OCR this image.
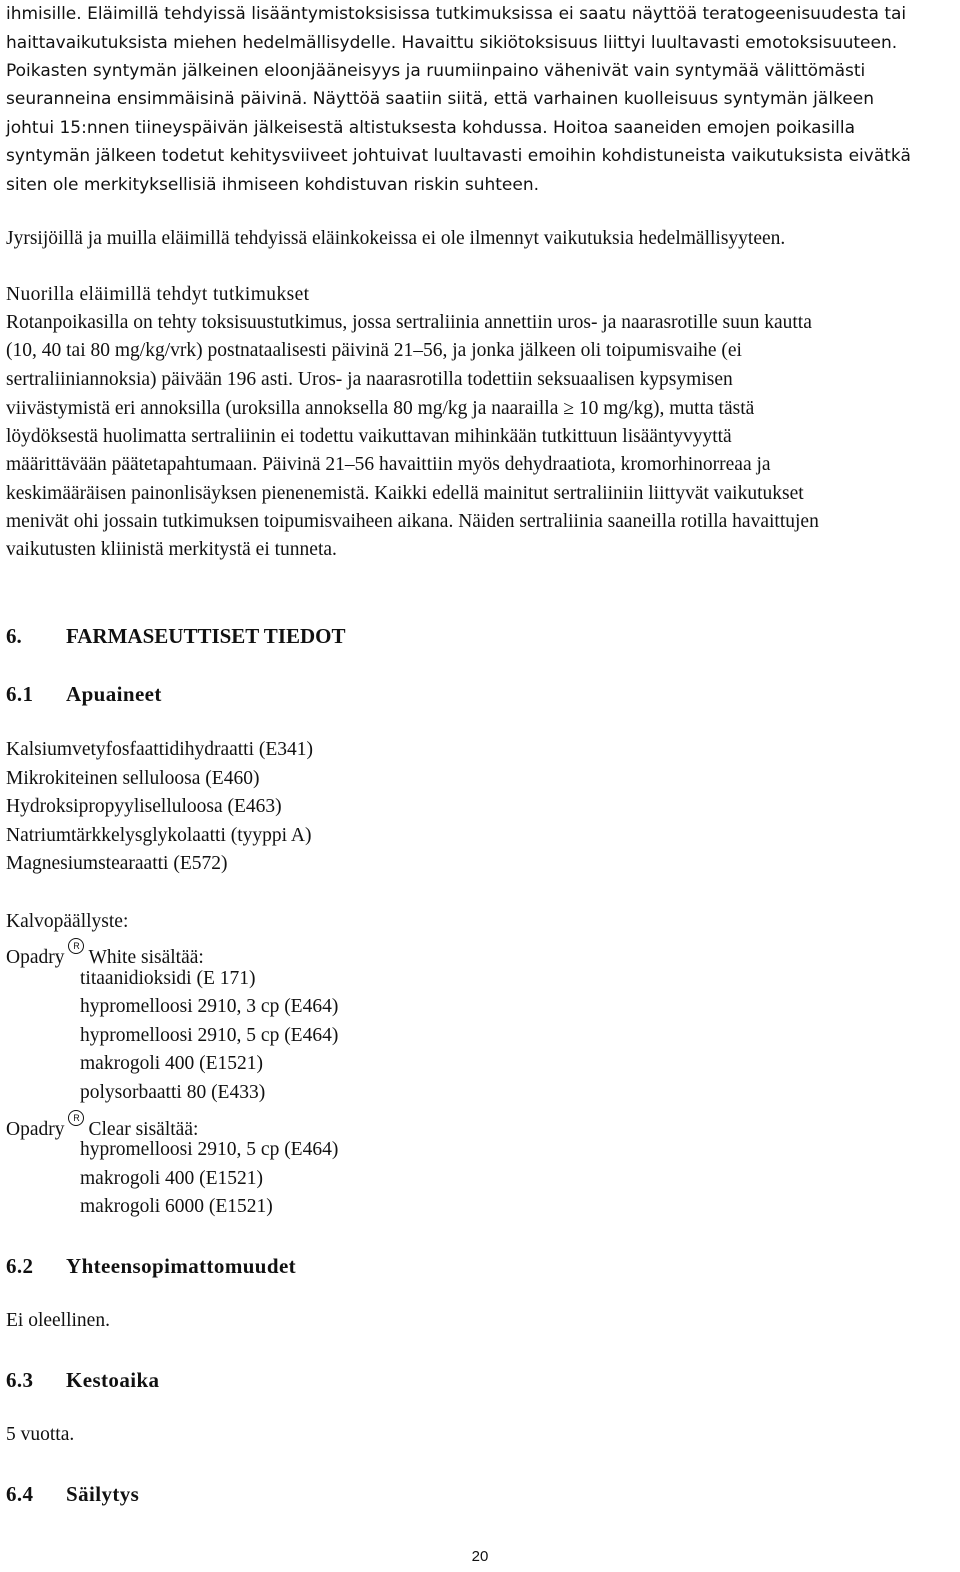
ihmisille. Eläimillä tehdyissä lisääntymistoksisissa tutkimuksissa ei saatu näyttöä teratogeenisuudesta tai
haittavaikutuksista miehen hedelmällisydelle. Havaittu sikiötoksisuus liittyi luultavasti emotoksisuuteen.
Poikasten syntymän jälkeinen eloonjääneisyys ja ruumiinpaino vähenivät vain syntymää välittömästi
seuranneina ensimmäisinä päivinä. Näyttöä saatiin siitä, että varhainen kuolleisuus syntymän jälkeen
johtui 15:nnen tiineyspäivän jälkeisestä altistuksesta kohdussa. Hoitoa saaneiden emojen poikasilla
syntymän jälkeen todetut kehitysviiveet johtuivat luultavasti emoihin kohdistuneista vaikutuksista eivätkä
siten ole merkityksellisiä ihmiseen kohdistuvan riskin suhteen.
Jyrsijöillä ja muilla eläimillä tehdyissä eläinkokeissa ei ole ilmennyt vaikutuksia hedelmällisyyteen.
Nuorilla eläimillä tehdyt tutkimukset
Rotanpoikasilla on tehty toksisuustutkimus, jossa sertraliinia annettiin uros- ja naarasrotille suun kautta
(10, 40 tai 80 mg/kg/vrk) postnataalisesti päivinä 21–56, ja jonka jälkeen oli toipumisvaihe (ei
sertraliiniannoksia) päivään 196 asti. Uros- ja naarasrotilla todettiin seksuaalisen kypsymisen
viivästymistä eri annoksilla (uroksilla annoksella 80 mg/kg ja naarailla ≥ 10 mg/kg), mutta tästä
löydöksestä huolimatta sertraliinin ei todettu vaikuttavan mihinkään tutkittuun lisääntyvyyttä
määrittävään päätetapahtumaan. Päivinä 21–56 havaittiin myös dehydraatiota, kromorhinorreaa ja
keskimääräisen painonlisäyksen pienenemistä. Kaikki edellä mainitut sertraliiniin liittyvät vaikutukset
menivät ohi jossain tutkimuksen toipumisvaiheen aikana. Näiden sertraliinia saaneilla rotilla havaittujen
vaikutusten kliinistä merkitystä ei tunneta.
6. FARMASEUTTISET TIEDOT
6.1 Apuaineet
Kalsiumvetyfosfaattidihydraatti (E341)
Mikrokiteinen selluloosa (E460)
Hydroksipropyyliselluloosa (E463)
Natriumtärkkelysglykolaatti (tyyppi A)
Magnesiumstearaatti (E572)
Kalvopäällyste:
OpadryRWhite sisältää:
titaanidioksidi (E 171)
hypromelloosi 2910, 3 cp (E464)
hypromelloosi 2910, 5 cp (E464)
makrogoli 400 (E1521)
polysorbaatti 80 (E433)
OpadryRClear sisältää:
hypromelloosi 2910, 5 cp (E464)
makrogoli 400 (E1521)
makrogoli 6000 (E1521)
6.2 Yhteensopimattomuudet
Ei oleellinen.
6.3 Kestoaika
5 vuotta.
6.4 Säilytys
20
